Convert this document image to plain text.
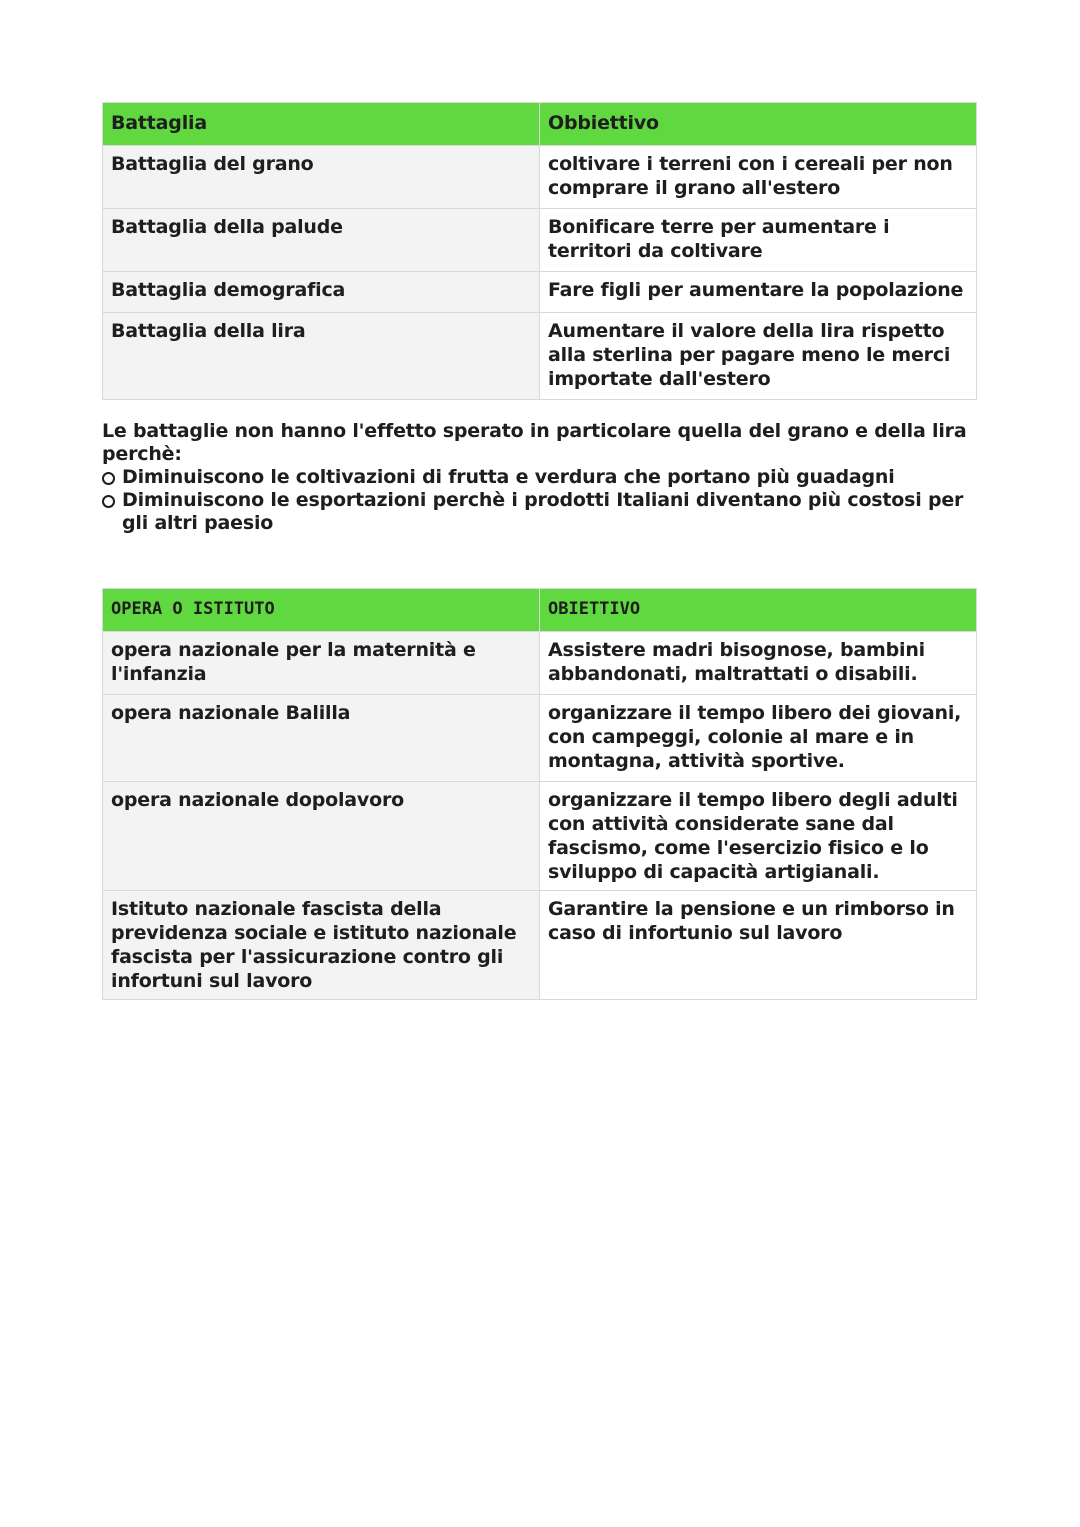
Battaglia	Obbiettivo
Battaglia del grano	coltivare i terreni con i cereali per non comprare il grano all'estero
Battaglia della palude	Bonificare terre per aumentare i territori da coltivare
Battaglia demografica	Fare figli per aumentare la popolazione
Battaglia della lira	Aumentare il valore della lira rispetto alla sterlina per pagare meno le merci importate dall'estero

Le battaglie non hanno l'effetto sperato in particolare quella del grano e della lira perchè:

Diminuiscono le coltivazioni di frutta e verdura che portano più guadagni
Diminuiscono le esportazioni perchè i prodotti Italiani diventano più costosi per gli altri paesio
OPERA O ISTITUTO	OBIETTIVO
opera nazionale per la maternità e l'infanzia	Assistere madri bisognose, bambini abbandonati, maltrattati o disabili.
opera nazionale Balilla	organizzare il tempo libero dei giovani, con campeggi, colonie al mare e in montagna, attività sportive.
opera nazionale dopolavoro	organizzare il tempo libero degli adulti con attività considerate sane dal fascismo, come l'esercizio fisico e lo sviluppo di capacità artigianali.
Istituto nazionale fascista della previdenza sociale e istituto nazionale fascista per l'assicurazione contro gli infortuni sul lavoro	Garantire la pensione e un rimborso in caso di infortunio sul lavoro
